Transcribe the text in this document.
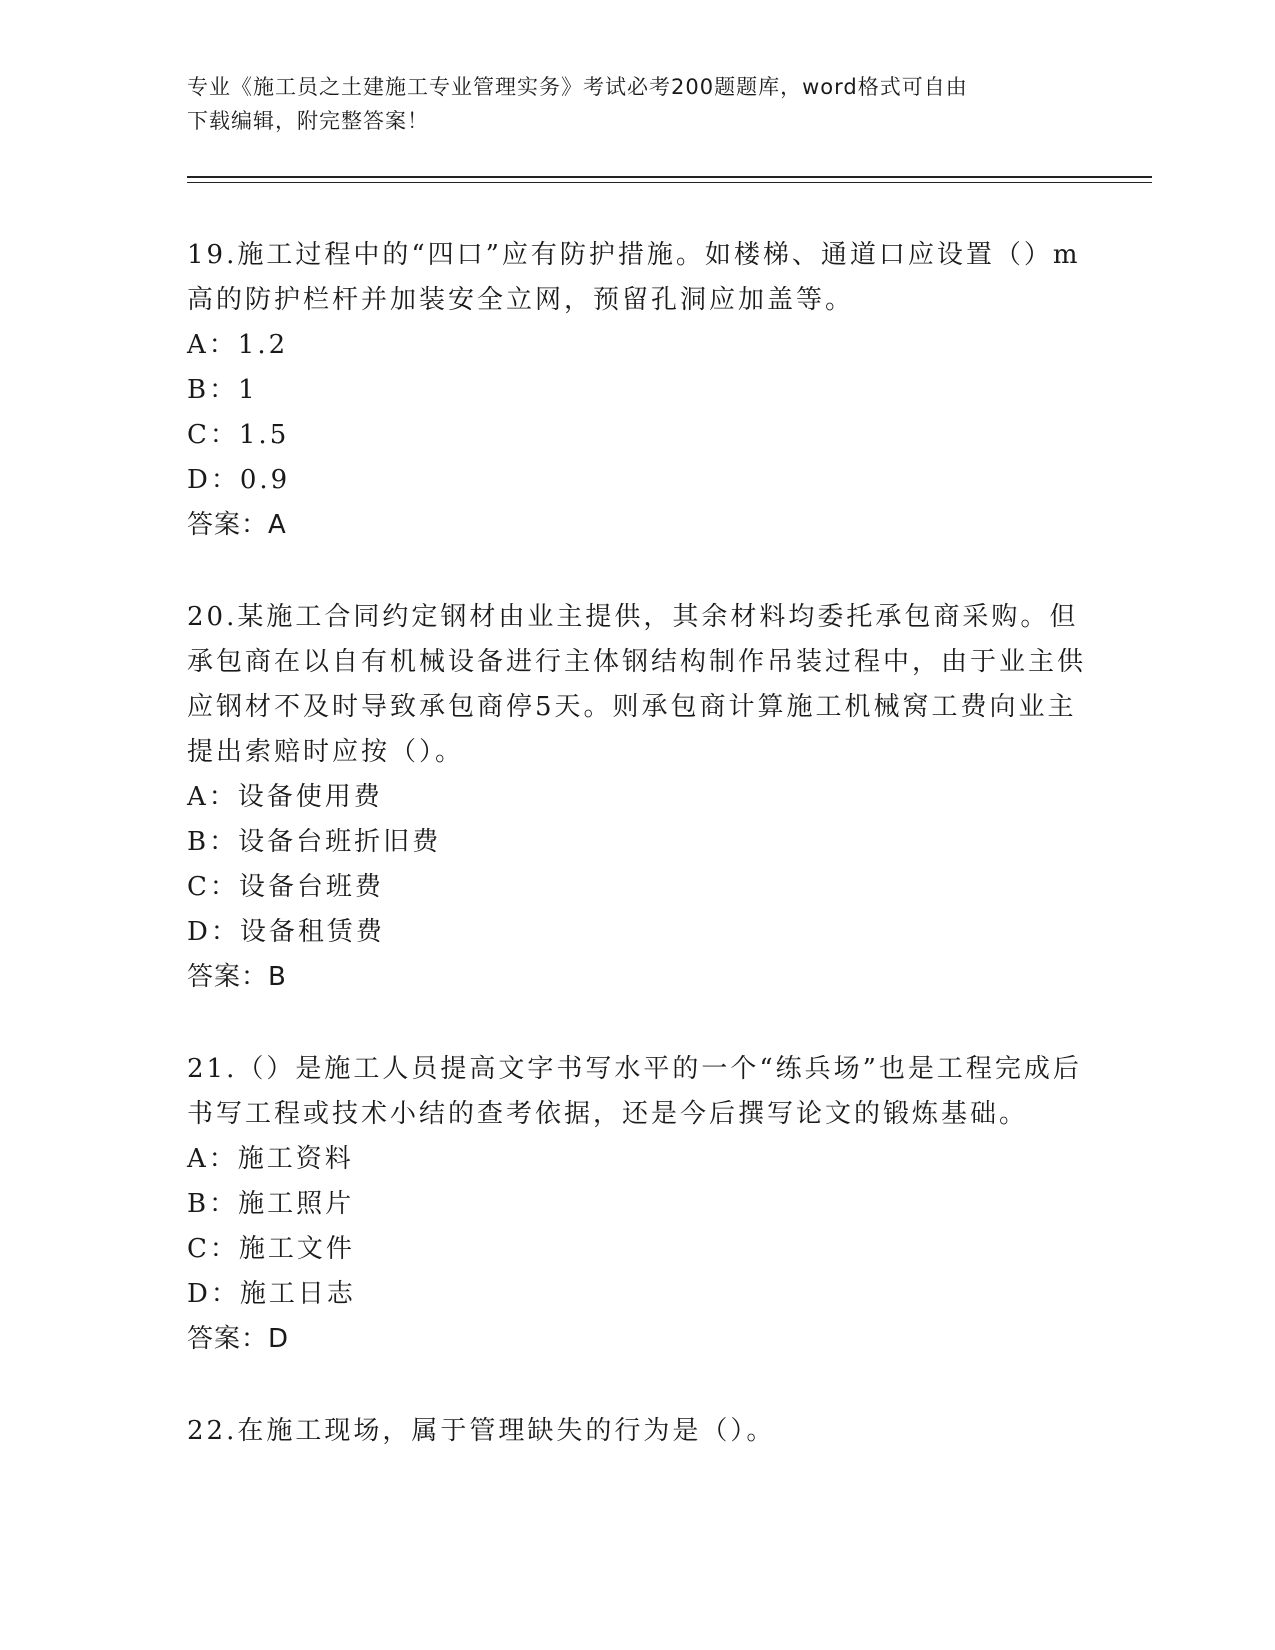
专业《施工员之土建施工专业管理实务》考试必考200题题库，word格式可自由
下载编辑，附完整答案！
19.施工过程中的“四口”应有防护措施。如楼梯、通道口应设置（）m高的防护栏杆并加装安全立网，预留孔洞应加盖等。
A：1.2
B：1
C：1.5
D：0.9
答案：A
20.某施工合同约定钢材由业主提供，其余材料均委托承包商采购。但承包商在以自有机械设备进行主体钢结构制作吊装过程中，由于业主供应钢材不及时导致承包商停5天。则承包商计算施工机械窝工费向业主提出索赔时应按（）。
A：设备使用费
B：设备台班折旧费
C：设备台班费
D：设备租赁费
答案：B
21.（）是施工人员提高文字书写水平的一个“练兵场”也是工程完成后书写工程或技术小结的查考依据，还是今后撰写论文的锻炼基础。
A：施工资料
B：施工照片
C：施工文件
D：施工日志
答案：D
22.在施工现场，属于管理缺失的行为是（）。
